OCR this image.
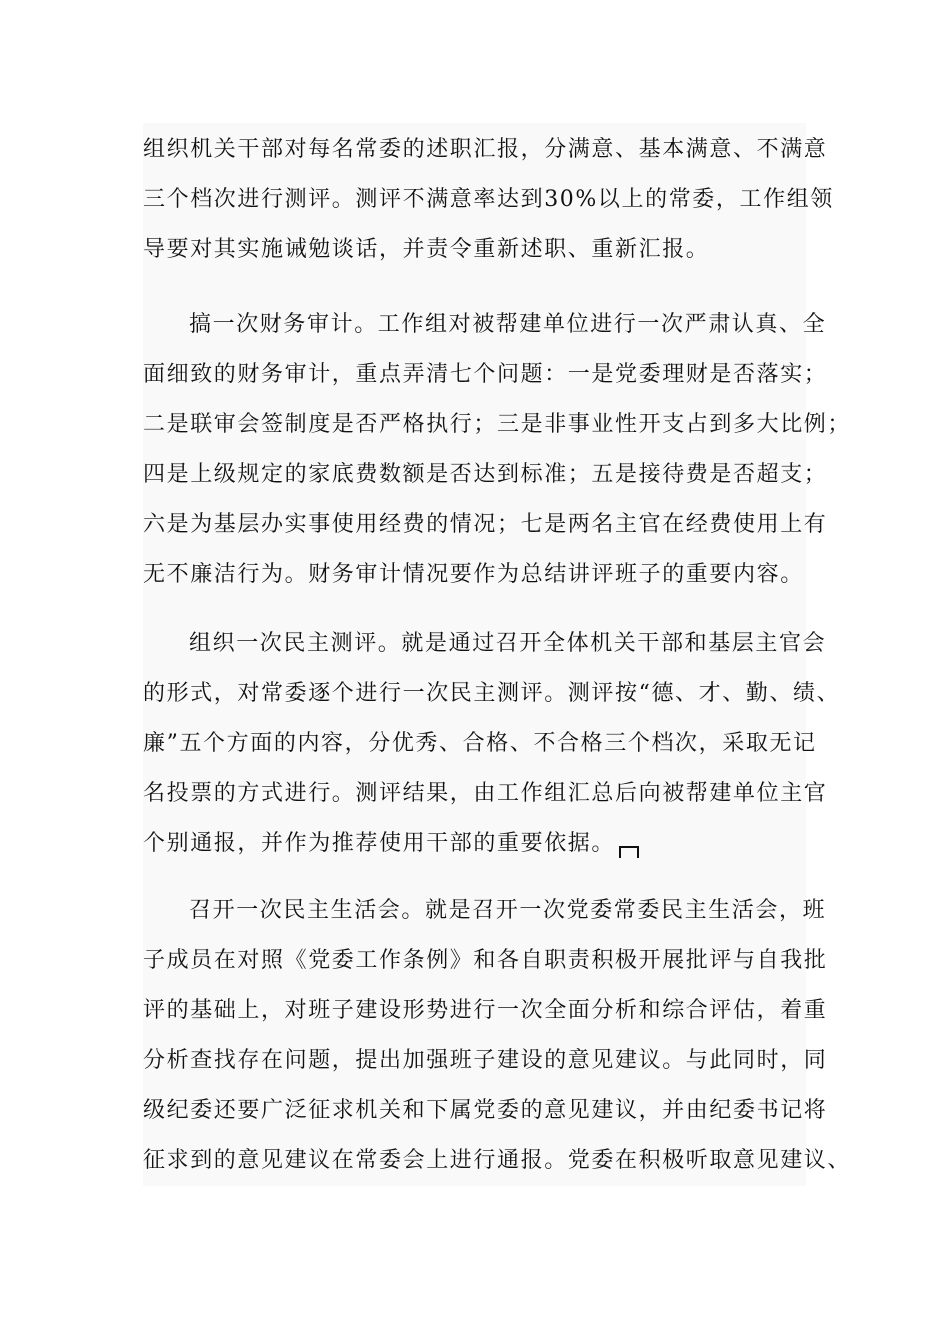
组织机关干部对每名常委的述职汇报，分满意、基本满意、不满意
三个档次进行测评。测评不满意率达到30%以上的常委，工作组领
导要对其实施诫勉谈话，并责令重新述职、重新汇报。
搞一次财务审计。工作组对被帮建单位进行一次严肃认真、全
面细致的财务审计，重点弄清七个问题：一是党委理财是否落实；
二是联审会签制度是否严格执行；三是非事业性开支占到多大比例；
四是上级规定的家底费数额是否达到标准；五是接待费是否超支；
六是为基层办实事使用经费的情况；七是两名主官在经费使用上有
无不廉洁行为。财务审计情况要作为总结讲评班子的重要内容。
组织一次民主测评。就是通过召开全体机关干部和基层主官会
的形式，对常委逐个进行一次民主测评。测评按“德、才、勤、绩、
廉”五个方面的内容，分优秀、合格、不合格三个档次，采取无记
名投票的方式进行。测评结果，由工作组汇总后向被帮建单位主官
个别通报，并作为推荐使用干部的重要依据。
召开一次民主生活会。就是召开一次党委常委民主生活会，班
子成员在对照《党委工作条例》和各自职责积极开展批评与自我批
评的基础上，对班子建设形势进行一次全面分析和综合评估，着重
分析查找存在问题，提出加强班子建设的意见建议。与此同时，同
级纪委还要广泛征求机关和下属党委的意见建议，并由纪委书记将
征求到的意见建议在常委会上进行通报。党委在积极听取意见建议、
